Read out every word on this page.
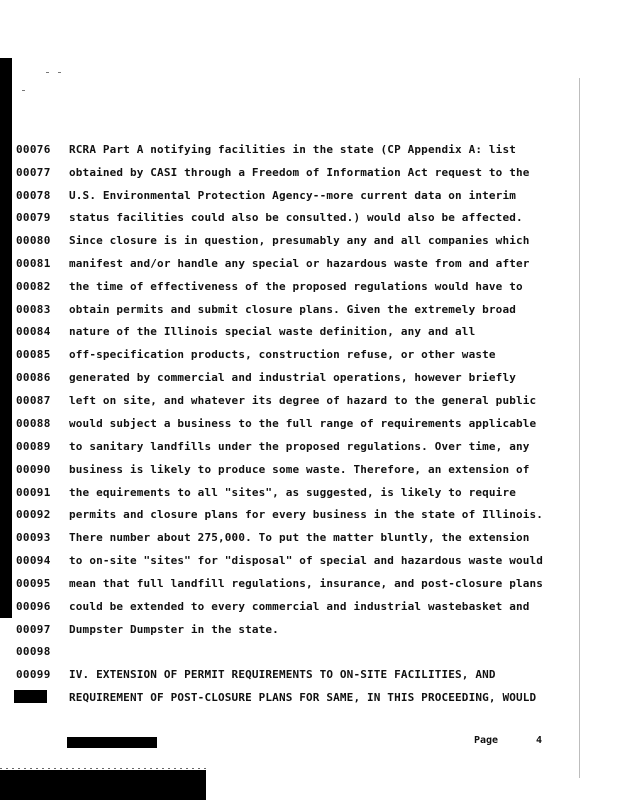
00076	RCRA Part A notifying facilities in the state (CP Appendix A: list
00077	obtained by CASI through a Freedom of Information Act request to the
00078	U.S. Environmental Protection Agency--more current data on interim
00079	status facilities could also be consulted.) would also be affected.
00080	Since closure is in question, presumably any and all companies which
00081	manifest and/or handle any special or hazardous waste from and after
00082	the time of effectiveness of the proposed regulations would have to
00083	obtain permits and submit closure plans. Given the extremely broad
00084	nature of the Illinois special waste definition, any and all
00085	off-specification products, construction refuse, or other waste
00086	generated by commercial and industrial operations, however briefly
00087	left on site, and whatever its degree of hazard to the general public
00088	would subject a business to the full range of requirements applicable
00089	to sanitary landfills under the proposed regulations. Over time, any
00090	business is likely to produce some waste. Therefore, an extension of
00091	the equirements to all "sites", as suggested, is likely to require
00092	permits and closure plans for every business in the state of Illinois.
00093	There number about 275,000. To put the matter bluntly, the extension
00094	to on-site "sites" for "disposal" of special and hazardous waste would
00095	mean that full landfill regulations, insurance, and post-closure plans
00096	could be extended to every commercial and industrial wastebasket and
00097	Dumpster Dumpster in the state.
00098
00099	IV. EXTENSION OF PERMIT REQUIREMENTS TO ON-SITE FACILITIES, AND
REQUIREMENT OF POST-CLOSURE PLANS FOR SAME, IN THIS PROCEEDING, WOULD
Page	4
